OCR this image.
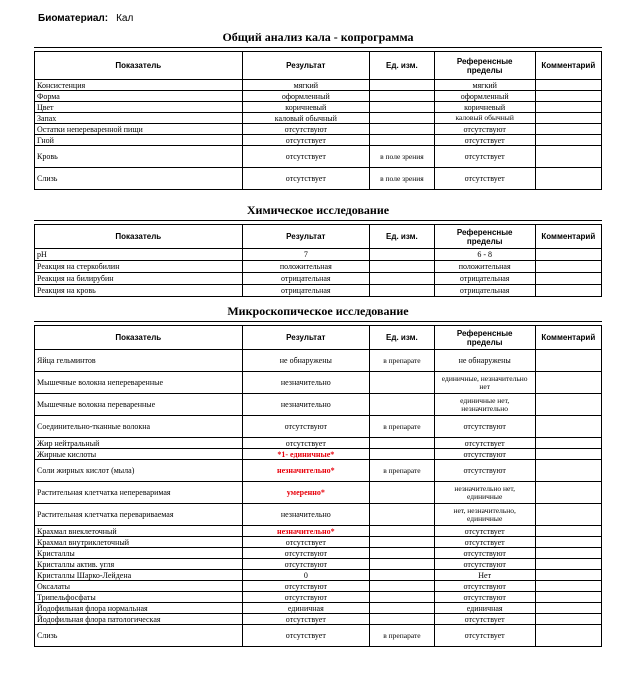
Биоматериал: Кал
Общий анализ кала - копрограмма
Показатель	Результат	Ед. изм.	Референсные
пределы	Комментарий
Консистенция	мягкий		мягкий	
Форма	оформленный		оформленный	
Цвет	коричневый		коричневый	
Запах	каловый обычный		каловый обычный	
Остатки непереваренной пищи	отсутствуют		отсутствуют	
Гной	отсутствует		отсутствует	
Кровь	отсутствует	в поле зрения	отсутствует	
Слизь	отсутствует	в поле зрения	отсутствует	
Химическое исследование
Показатель	Результат	Ед. изм.	Референсные
пределы	Комментарий
pH	7		6 - 8	
Реакция на стеркобилин	положительная		положительная	
Реакция на билирубин	отрицательная		отрицательная	
Реакция на кровь	отрицательная		отрицательная	
Микроскопическое исследование
Показатель	Результат	Ед. изм.	Референсные
пределы	Комментарий
Яйца гельминтов	не обнаружены	в препарате	не обнаружены	
Мышечные волокна непереваренные	незначительно		единичные, незначительно нет	
Мышечные волокна переваренные	незначительно		единичные нет, незначительно	
Соединительно-тканные волокна	отсутствуют	в препарате	отсутствуют	
Жир нейтральный	отсутствует		отсутствует	
Жирные кислоты	*1- единичные*		отсутствуют	
Соли жирных кислот (мыла)	незначительно*	в препарате	отсутствуют	
Растительная клетчатка непереваримая	умеренно*		незначительно нет, единичные	
Растительная клетчатка перевариваемая	незначительно		нет, незначительно, единичные	
Крахмал внеклеточный	незначительно*		отсутствует	
Крахмал внутриклеточный	отсутствует		отсутствует	
Кристаллы	отсутствуют		отсутствуют	
Кристаллы актив. угля	отсутствуют		отсутствуют	
Кристаллы Шарко-Лейдена	0		Нет	
Оксалаты	отсутствуют		отсутствуют	
Трипельфосфаты	отсутствуют		отсутствуют	
Йодофильная флора нормальная	единичная		единичная	
Йодофильная флора патологическая	отсутствует		отсутствует	
Слизь	отсутствует	в препарате	отсутствует	
